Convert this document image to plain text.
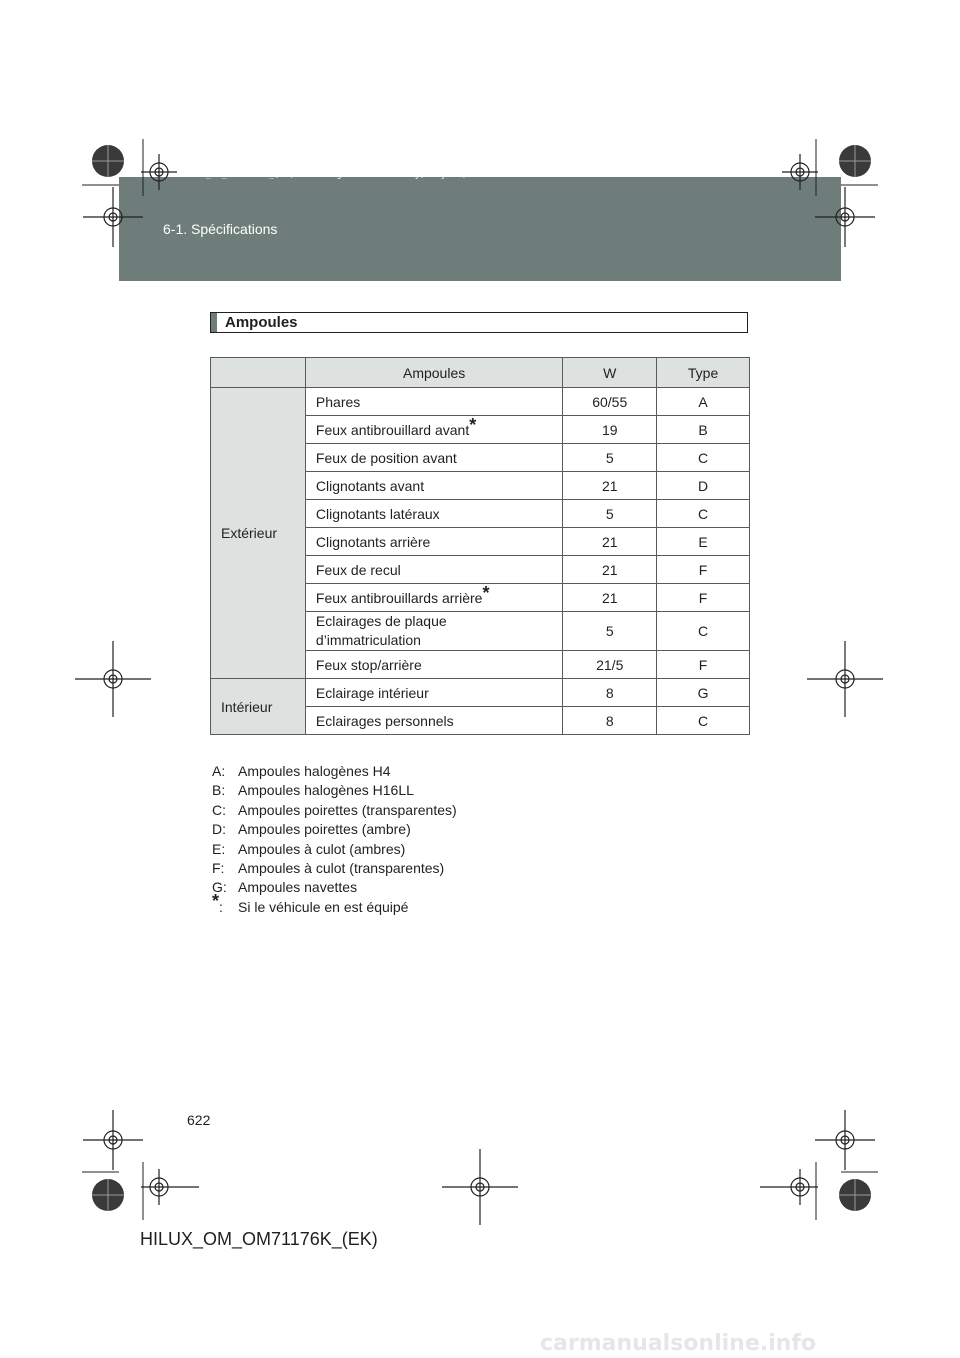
HILUX_OM_OM71176K_(EK).book Page 622 Wednesday, May 16, 2012 2:32 PM
6-1. Spécifications
Ampoules
	Ampoules	W	Type
Extérieur	Phares	60/55	A
	Feux antibrouillard avant*	19	B
	Feux de position avant	5	C
	Clignotants avant	21	D
	Clignotants latéraux	5	C
	Clignotants arrière	21	E
	Feux de recul	21	F
	Feux antibrouillards arrière*	21	F
	Eclairages de plaque
d’immatriculation	5	C
	Feux stop/arrière	21/5	F
Intérieur	Eclairage intérieur	8	G
	Eclairages personnels	8	C
A: Ampoules halogènes H4
B: Ampoules halogènes H16LL
C: Ampoules poirettes (transparentes)
D: Ampoules poirettes (ambre)
E: Ampoules à culot (ambres)
F: Ampoules à culot (transparentes)
G: Ampoules navettes
*: Si le véhicule en est équipé
622
HILUX_OM_OM71176K_(EK)
carmanualsonline.info
